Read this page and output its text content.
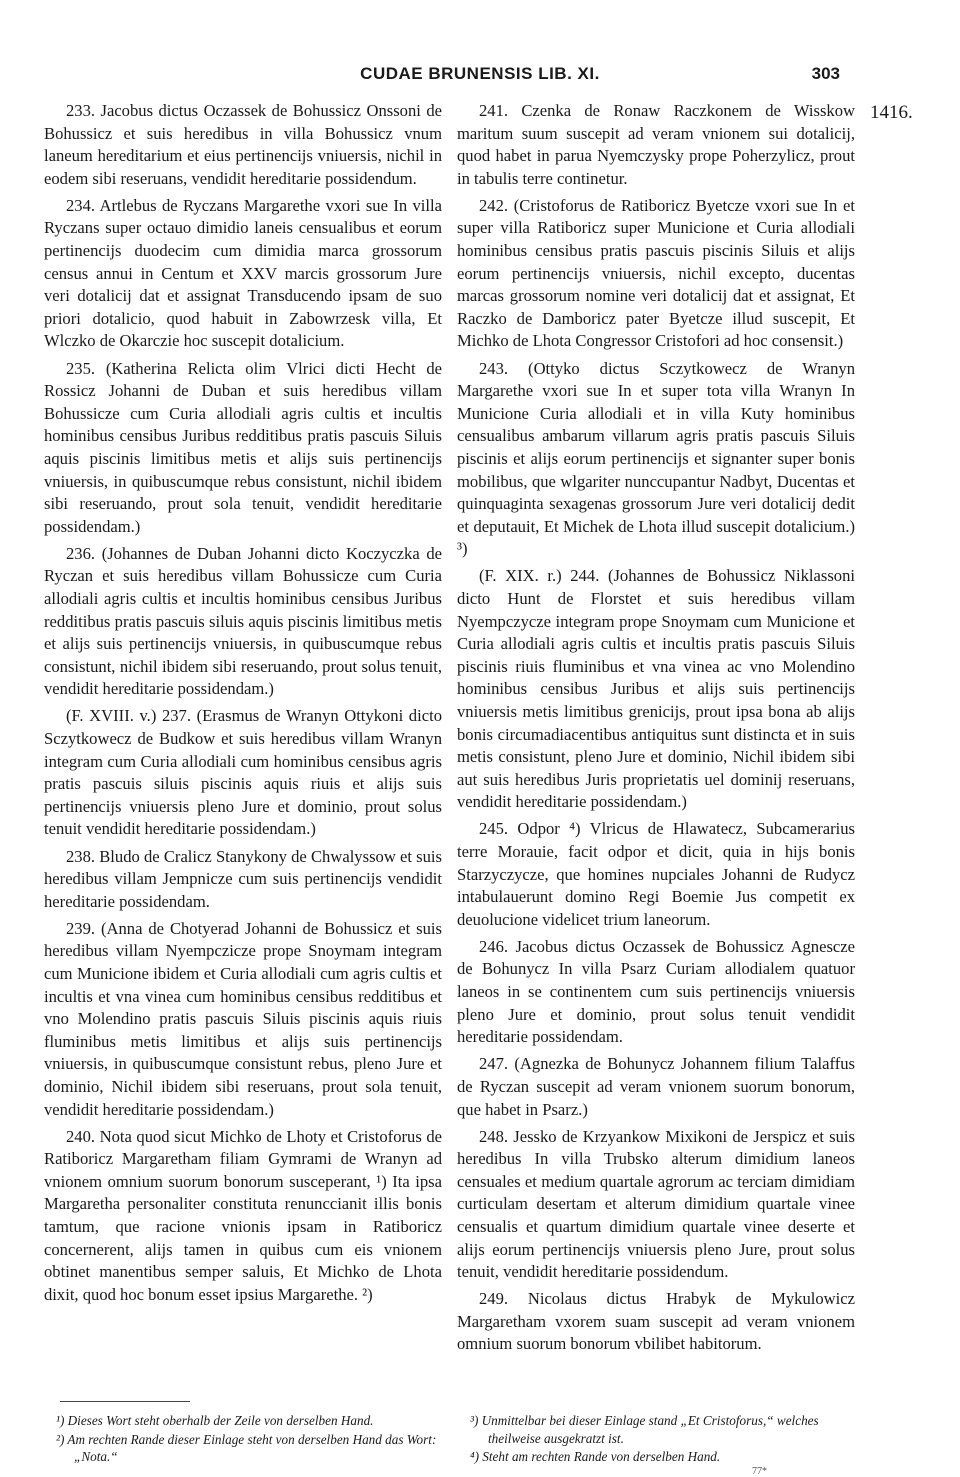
CUDAE BRUNENSIS LIB. XI.	303
1416.

233. Jacobus dictus Oczassek de Bohussicz Onssoni de Bohussicz et suis heredibus in villa Bohussicz vnum laneum hereditarium et eius pertinencijs vniuersis, nichil in eodem sibi reseruans, vendidit hereditarie possidendum.

234. Artlebus de Ryczans Margarethe vxori sue In villa Ryczans super octauo dimidio laneis censualibus et eorum pertinencijs duodecim cum dimidia marca grossorum census annui in Centum et XXV marcis grossorum Jure veri dotalicij dat et assignat Transducendo ipsam de suo priori dotalicio, quod habuit in Zabowrzesk villa, Et Wlczko de Okarczie hoc suscepit dotalicium.

235. (Katherina Relicta olim Vlrici dicti Hecht de Rossicz Johanni de Duban et suis heredibus villam Bohussicze cum Curia allodiali agris cultis et incultis hominibus censibus Juribus redditibus pratis pascuis Siluis aquis piscinis limitibus metis et alijs suis pertinencijs vniuersis, in quibuscumque rebus consistunt, nichil ibidem sibi reseruando, prout sola tenuit, vendidit hereditarie possidendam.)

236. (Johannes de Duban Johanni dicto Koczyczka de Ryczan et suis heredibus villam Bohussicze cum Curia allodiali agris cultis et incultis hominibus censibus Juribus redditibus pratis pascuis siluis aquis piscinis limitibus metis et alijs suis pertinencijs vniuersis, in quibuscumque rebus consistunt, nichil ibidem sibi reseruando, prout solus tenuit, vendidit hereditarie possidendam.)

(F. XVIII. v.) 237. (Erasmus de Wranyn Ottykoni dicto Sczytkowecz de Budkow et suis heredibus villam Wranyn integram cum Curia allodiali cum hominibus censibus agris pratis pascuis siluis piscinis aquis riuis et alijs suis pertinencijs vniuersis pleno Jure et dominio, prout solus tenuit vendidit hereditarie possidendam.)

238. Bludo de Cralicz Stanykony de Chwalyssow et suis heredibus villam Jempnicze cum suis pertinencijs vendidit hereditarie possidendam.

239. (Anna de Chotyerad Johanni de Bohussicz et suis heredibus villam Nyempczicze prope Snoymam integram cum Municione ibidem et Curia allodiali cum agris cultis et incultis et vna vinea cum hominibus censibus redditibus et vno Molendino pratis pascuis Siluis piscinis aquis riuis fluminibus metis limitibus et alijs suis pertinencijs vniuersis, in quibuscumque consistunt rebus, pleno Jure et dominio, Nichil ibidem sibi reseruans, prout sola tenuit, vendidit hereditarie possidendam.)

240. Nota quod sicut Michko de Lhoty et Cristoforus de Ratiboricz Margaretham filiam Gymrami de Wranyn ad vnionem omnium suorum bonorum susceperant, ¹) Ita ipsa Margaretha personaliter constituta renunccianit illis bonis tamtum, que racione vnionis ipsam in Ratiboricz concernerent, alijs tamen in quibus cum eis vnionem obtinet manentibus semper saluis, Et Michko de Lhota dixit, quod hoc bonum esset ipsius Margarethe. ²)

241. Czenka de Ronaw Raczkonem de Wisskow maritum suum suscepit ad veram vnionem sui dotalicij, quod habet in parua Nyemczysky prope Poherzylicz, prout in tabulis terre continetur.

242. (Cristoforus de Ratiboricz Byetcze vxori sue In et super villa Ratiboricz super Municione et Curia allodiali hominibus censibus pratis pascuis piscinis Siluis et alijs eorum pertinencijs vniuersis, nichil excepto, ducentas marcas grossorum nomine veri dotalicij dat et assignat, Et Raczko de Damboricz pater Byetcze illud suscepit, Et Michko de Lhota Congressor Cristofori ad hoc consensit.)

243. (Ottyko dictus Sczytkowecz de Wranyn Margarethe vxori sue In et super tota villa Wranyn In Municione Curia allodiali et in villa Kuty hominibus censualibus ambarum villarum agris pratis pascuis Siluis piscinis et alijs eorum pertinencijs et signanter super bonis mobilibus, que wlgariter nunccupantur Nadbyt, Ducentas et quinquaginta sexagenas grossorum Jure veri dotalicij dedit et deputauit, Et Michek de Lhota illud suscepit dotalicium.) ³)

(F. XIX. r.) 244. (Johannes de Bohussicz Niklassoni dicto Hunt de Florstet et suis heredibus villam Nyempczycze integram prope Snoymam cum Municione et Curia allodiali agris cultis et incultis pratis pascuis Siluis piscinis riuis fluminibus et vna vinea ac vno Molendino hominibus censibus Juribus et alijs suis pertinencijs vniuersis metis limitibus grenicijs, prout ipsa bona ab alijs bonis circumadiacentibus antiquitus sunt distincta et in suis metis consistunt, pleno Jure et dominio, Nichil ibidem sibi aut suis heredibus Juris proprietatis uel dominij reseruans, vendidit hereditarie possidendam.)

245. Odpor ⁴) Vlricus de Hlawatecz, Subcamerarius terre Morauie, facit odpor et dicit, quia in hijs bonis Starzyczycze, que homines nupciales Johanni de Rudycz intabulauerunt domino Regi Boemie Jus competit ex deuolucione videlicet trium laneorum.

246. Jacobus dictus Oczassek de Bohussicz Agnescze de Bohunycz In villa Psarz Curiam allodialem quatuor laneos in se continentem cum suis pertinencijs vniuersis pleno Jure et dominio, prout solus tenuit vendidit hereditarie possidendam.

247. (Agnezka de Bohunycz Johannem filium Talaffus de Ryczan suscepit ad veram vnionem suorum bonorum, que habet in Psarz.)

248. Jessko de Krzyankow Mixikoni de Jerspicz et suis heredibus In villa Trubsko alterum dimidium laneos censuales et medium quartale agrorum ac terciam dimidiam curticulam desertam et alterum dimidium quartale vinee censualis et quartum dimidium quartale vinee deserte et alijs eorum pertinencijs vniuersis pleno Jure, prout solus tenuit, vendidit hereditarie possidendum.

249. Nicolaus dictus Hrabyk de Mykulowicz Margaretham vxorem suam suscepit ad veram vnionem omnium suorum bonorum vbilibet habitorum.

¹) Dieses Wort steht oberhalb der Zeile von derselben Hand.
²) Am rechten Rande dieser Einlage steht von derselben Hand das Wort: „Nota.“
³) Unmittelbar bei dieser Einlage stand „Et Cristoforus,“ welches theilweise ausgekratzt ist.
⁴) Steht am rechten Rande von derselben Hand.
77*
